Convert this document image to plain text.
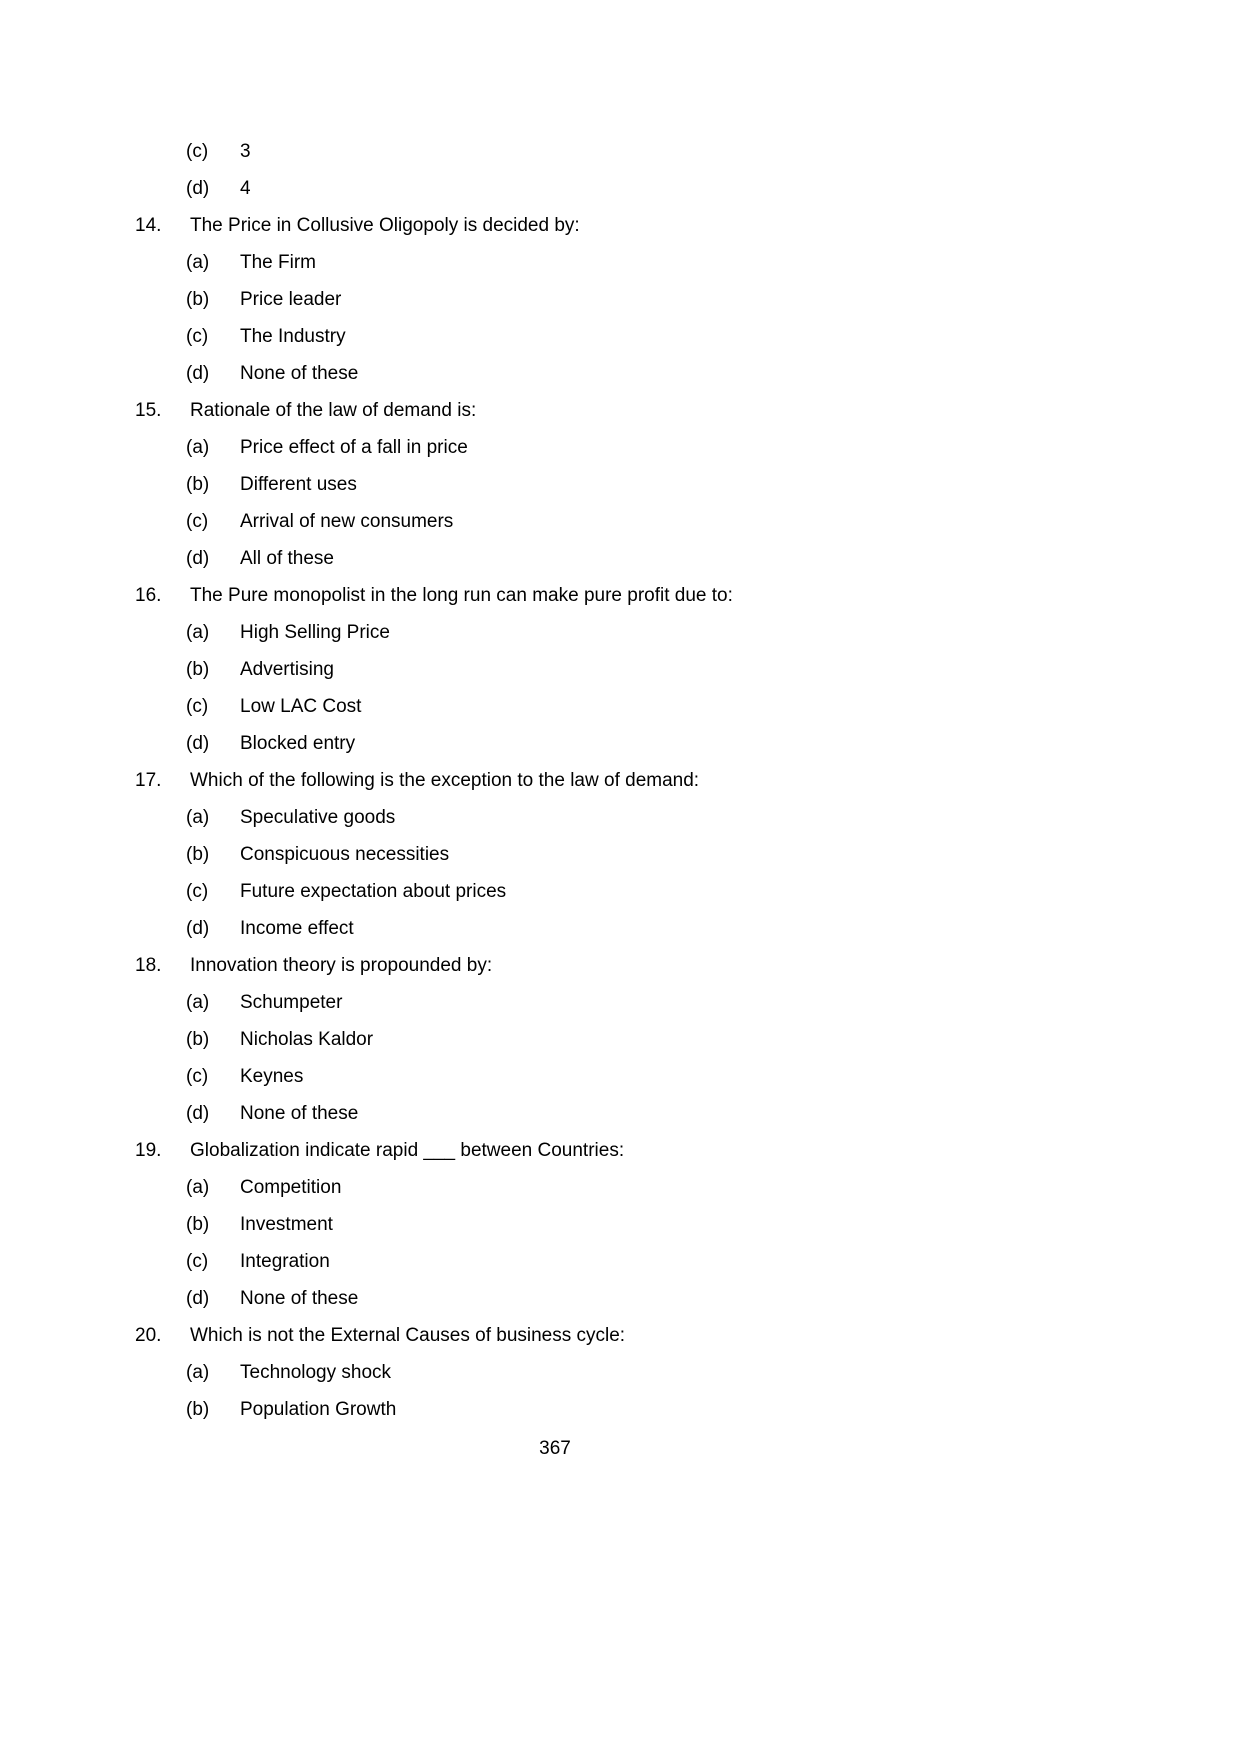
(c)	3
(d)	4
14.	The Price in Collusive Oligopoly is decided by:
(a)	The Firm
(b)	Price leader
(c)	The Industry
(d)	None of these
15.	Rationale of the law of demand is:
(a)	Price effect of a fall in price
(b)	Different uses
(c)	Arrival of new consumers
(d)	All of these
16.	The Pure monopolist in the long run can make pure profit due to:
(a)	High Selling Price
(b)	Advertising
(c)	Low LAC Cost
(d)	Blocked entry
17.	Which of the following is the exception to the law of demand:
(a)	Speculative goods
(b)	Conspicuous necessities
(c)	Future expectation about prices
(d)	Income effect
18.	Innovation theory is propounded by:
(a)	Schumpeter
(b)	Nicholas Kaldor
(c)	Keynes
(d)	None of these
19.	Globalization indicate rapid ___ between Countries:
(a)	Competition
(b)	Investment
(c)	Integration
(d)	None of these
20.	Which is not the External Causes of business cycle:
(a)	Technology shock
(b)	Population Growth
367
